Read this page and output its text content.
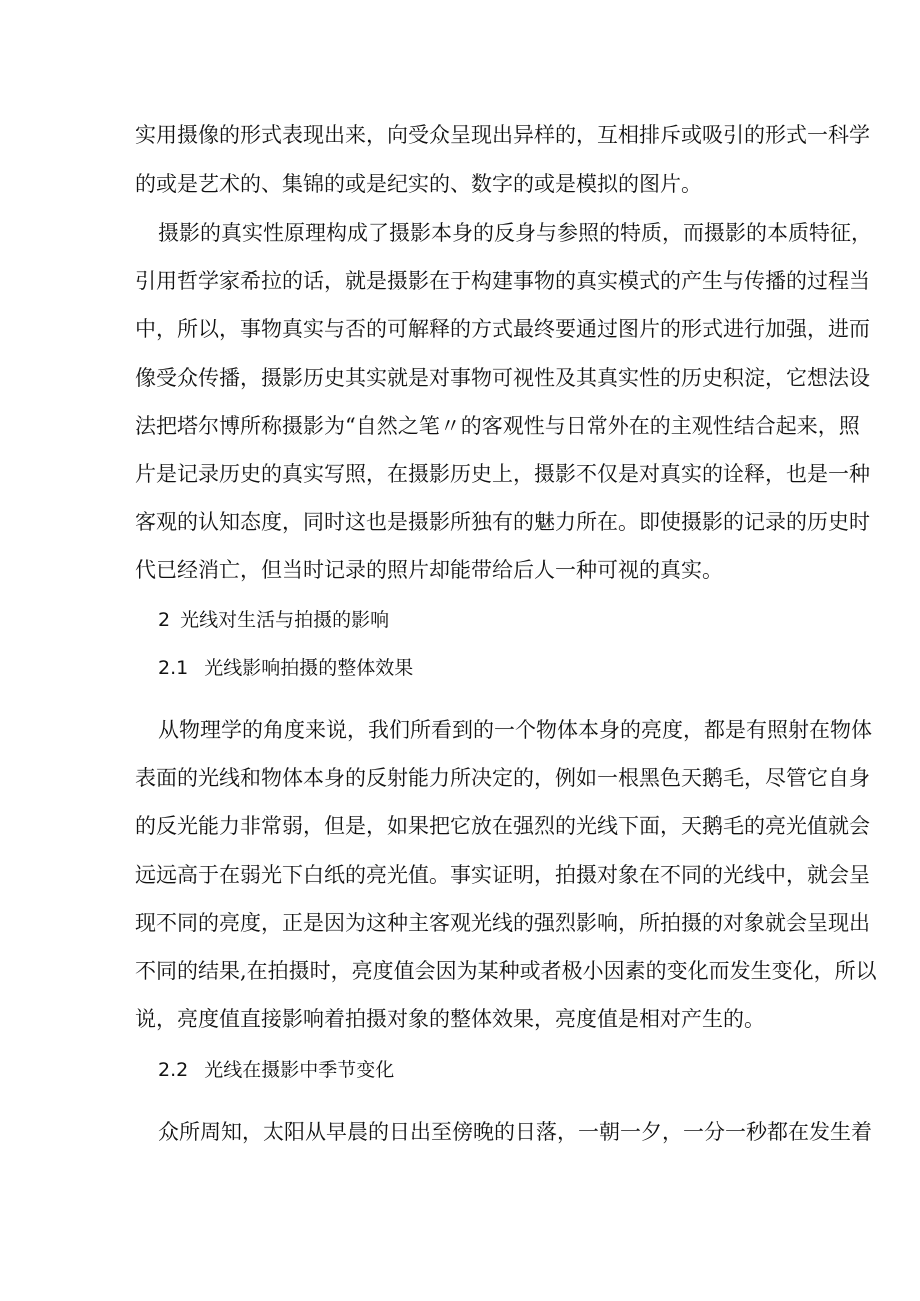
实用摄像的形式表现出来，向受众呈现出异样的，互相排斥或吸引的形式一科学
的或是艺术的、集锦的或是纪实的、数字的或是模拟的图片。
摄影的真实性原理构成了摄影本身的反身与参照的特质，而摄影的本质特征，
引用哲学家希拉的话，就是摄影在于构建事物的真实模式的产生与传播的过程当
中，所以，事物真实与否的可解释的方式最终要通过图片的形式进行加强，进而
像受众传播，摄影历史其实就是对事物可视性及其真实性的历史积淀，它想法设
法把塔尔博所称摄影为“自然之笔〃的客观性与日常外在的主观性结合起来，照
片是记录历史的真实写照，在摄影历史上，摄影不仅是对真实的诠释，也是一种
客观的认知态度，同时这也是摄影所独有的魅力所在。即使摄影的记录的历史时
代已经消亡，但当时记录的照片却能带给后人一种可视的真实。
2 光线对生活与拍摄的影响
2.1 光线影响拍摄的整体效果
从物理学的角度来说，我们所看到的一个物体本身的亮度，都是有照射在物体
表面的光线和物体本身的反射能力所决定的，例如一根黑色天鹅毛，尽管它自身
的反光能力非常弱，但是，如果把它放在强烈的光线下面，天鹅毛的亮光值就会
远远高于在弱光下白纸的亮光值。事实证明，拍摄对象在不同的光线中，就会呈
现不同的亮度，正是因为这种主客观光线的强烈影响，所拍摄的对象就会呈现出
不同的结果,在拍摄时，亮度值会因为某种或者极小因素的变化而发生变化，所以
说，亮度值直接影响着拍摄对象的整体效果，亮度值是相对产生的。
2.2 光线在摄影中季节变化
众所周知，太阳从早晨的日出至傍晚的日落，一朝一夕，一分一秒都在发生着
